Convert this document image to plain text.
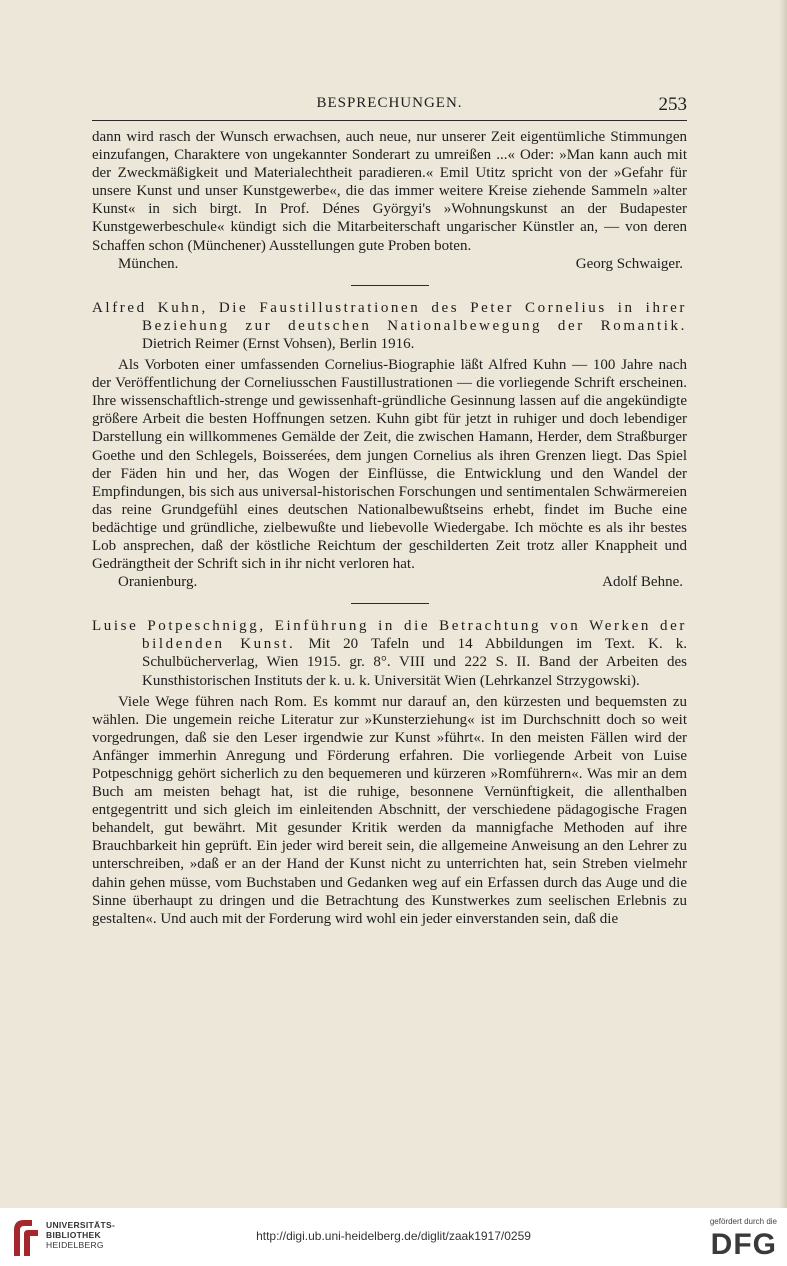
BESPRECHUNGEN.	253

dann wird rasch der Wunsch erwachsen, auch neue, nur unserer Zeit eigentümliche Stimmungen einzufangen, Charaktere von ungekannter Sonderart zu umreißen ...« Oder: »Man kann auch mit der Zweckmäßigkeit und Materialechtheit paradieren.« Emil Utitz spricht von der »Gefahr für unsere Kunst und unser Kunstgewerbe«, die das immer weitere Kreise ziehende Sammeln »alter Kunst« in sich birgt. In Prof. Dénes Györgyi's »Wohnungskunst an der Budapester Kunstgewerbeschule« kündigt sich die Mitarbeiterschaft ungarischer Künstler an, — von deren Schaffen schon (Münchener) Ausstellungen gute Proben boten.

München.	Georg Schwaiger.

Alfred Kuhn, Die Faustillustrationen des Peter Cornelius in ihrer Beziehung zur deutschen Nationalbewegung der Romantik. Dietrich Reimer (Ernst Vohsen), Berlin 1916.

Als Vorboten einer umfassenden Cornelius-Biographie läßt Alfred Kuhn — 100 Jahre nach der Veröffentlichung der Corneliusschen Faustillustrationen — die vorliegende Schrift erscheinen. Ihre wissenschaftlich-strenge und gewissenhaft-gründliche Gesinnung lassen auf die angekündigte größere Arbeit die besten Hoffnungen setzen. Kuhn gibt für jetzt in ruhiger und doch lebendiger Darstellung ein willkommenes Gemälde der Zeit, die zwischen Hamann, Herder, dem Straßburger Goethe und den Schlegels, Boisserées, dem jungen Cornelius als ihren Grenzen liegt. Das Spiel der Fäden hin und her, das Wogen der Einflüsse, die Entwicklung und den Wandel der Empfindungen, bis sich aus universal-historischen Forschungen und sentimentalen Schwärmereien das reine Grundgefühl eines deutschen Nationalbewußtseins erhebt, findet im Buche eine bedächtige und gründliche, zielbewußte und liebevolle Wiedergabe. Ich möchte es als ihr bestes Lob ansprechen, daß der köstliche Reichtum der geschilderten Zeit trotz aller Knappheit und Gedrängtheit der Schrift sich in ihr nicht verloren hat.

Oranienburg.	Adolf Behne.

Luise Potpeschnigg, Einführung in die Betrachtung von Werken der bildenden Kunst. Mit 20 Tafeln und 14 Abbildungen im Text. K. k. Schulbücherverlag, Wien 1915. gr. 8°. VIII und 222 S. II. Band der Arbeiten des Kunsthistorischen Instituts der k. u. k. Universität Wien (Lehrkanzel Strzygowski).

Viele Wege führen nach Rom. Es kommt nur darauf an, den kürzesten und bequemsten zu wählen. Die ungemein reiche Literatur zur »Kunsterziehung« ist im Durchschnitt doch so weit vorgedrungen, daß sie den Leser irgendwie zur Kunst »führt«. In den meisten Fällen wird der Anfänger immerhin Anregung und Förderung erfahren. Die vorliegende Arbeit von Luise Potpeschnigg gehört sicherlich zu den bequemeren und kürzeren »Romführern«. Was mir an dem Buch am meisten behagt hat, ist die ruhige, besonnene Vernünftigkeit, die allenthalben entgegentritt und sich gleich im einleitenden Abschnitt, der verschiedene pädagogische Fragen behandelt, gut bewährt. Mit gesunder Kritik werden da mannigfache Methoden auf ihre Brauchbarkeit hin geprüft. Ein jeder wird bereit sein, die allgemeine Anweisung an den Lehrer zu unterschreiben, »daß er an der Hand der Kunst nicht zu unterrichten hat, sein Streben vielmehr dahin gehen müsse, vom Buchstaben und Gedanken weg auf ein Erfassen durch das Auge und die Sinne überhaupt zu dringen und die Betrachtung des Kunstwerkes zum seelischen Erlebnis zu gestalten«. Und auch mit der Forderung wird wohl ein jeder einverstanden sein, daß die

UNIVERSITÄTS-
BIBLIOTHEK
HEIDELBERG
http://digi.ub.uni-heidelberg.de/diglit/zaak1917/0259
gefördert durch die
DFG
